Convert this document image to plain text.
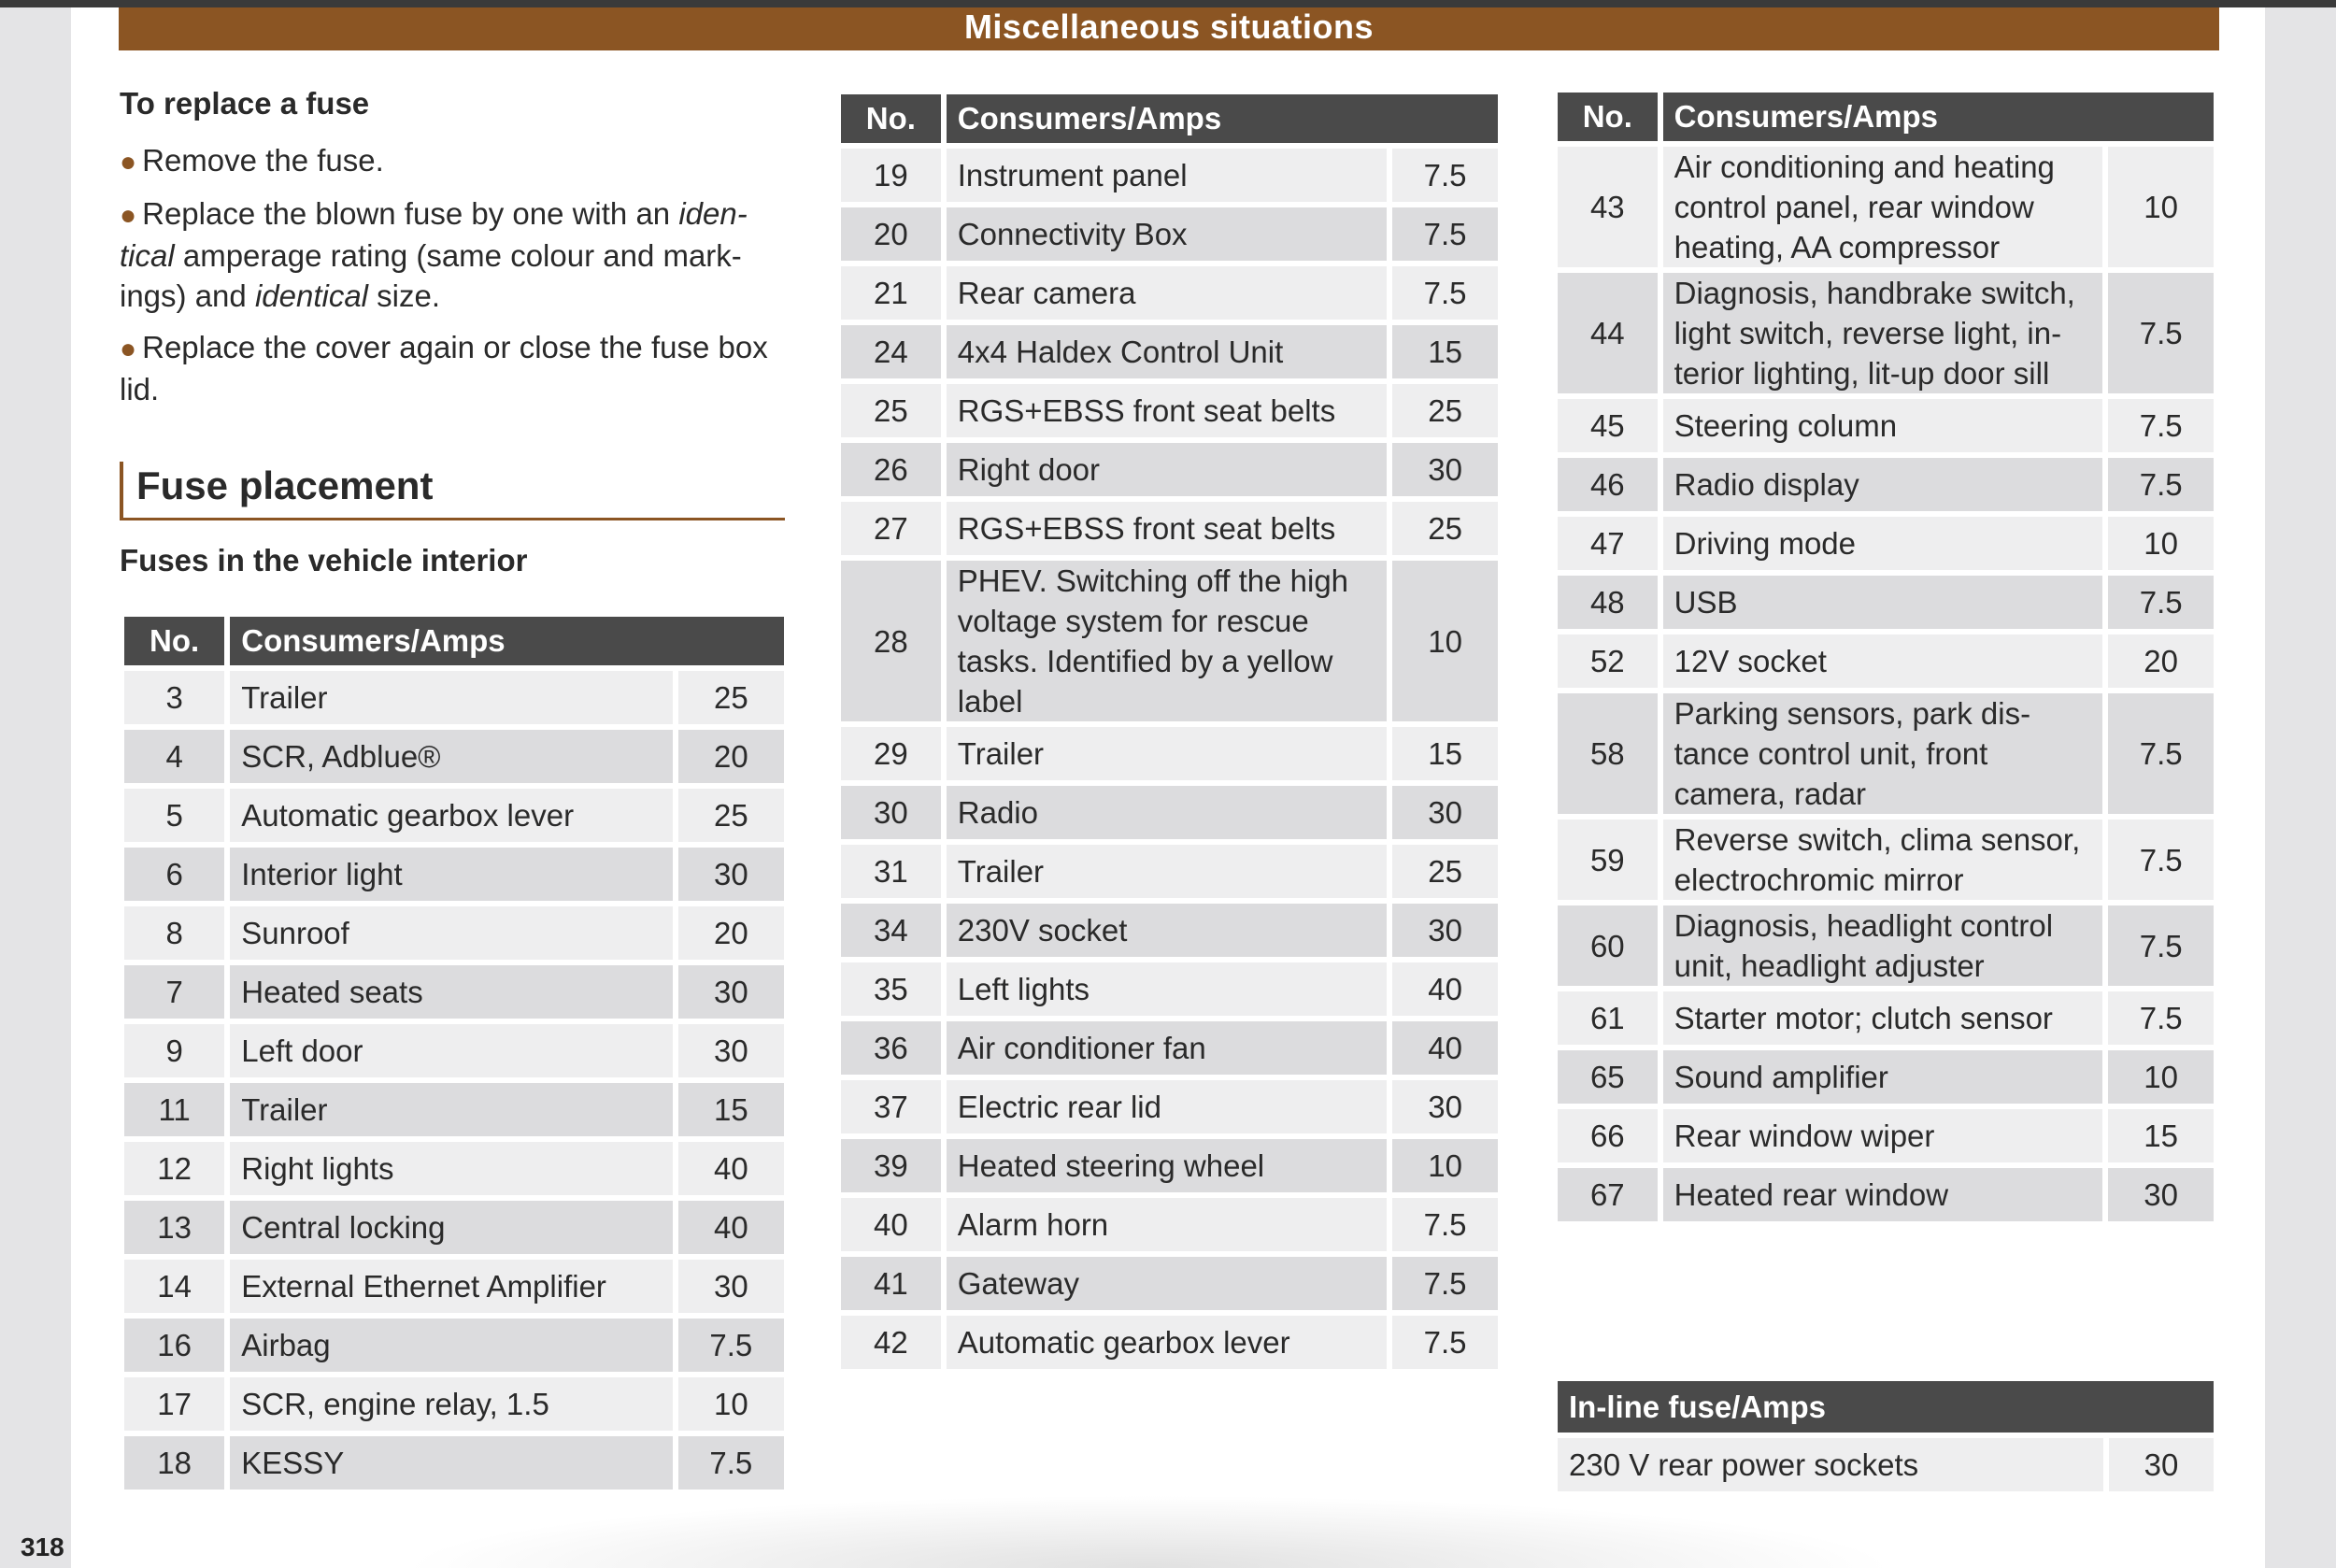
Miscellaneous situations
To replace a fuse

● Remove the fuse.

● Replace the blown fuse by one with an iden-tical amperage rating (same colour and mark-ings) and identical size.

● Replace the cover again or close the fuse box lid.

Fuse placement
Fuses in the vehicle interior
No.	Consumers/Amps	
3	Trailer	25
4	SCR, Adblue®	20
5	Automatic gearbox lever	25
6	Interior light	30
8	Sunroof	20
7	Heated seats	30
9	Left door	30
11	Trailer	15
12	Right lights	40
13	Central locking	40
14	External Ethernet Amplifier	30
16	Airbag	7.5
17	SCR, engine relay, 1.5	10
18	KESSY	7.5
No.	Consumers/Amps	
19	Instrument panel	7.5
20	Connectivity Box	7.5
21	Rear camera	7.5
24	4x4 Haldex Control Unit	15
25	RGS+EBSS front seat belts	25
26	Right door	30
27	RGS+EBSS front seat belts	25
28	PHEV. Switching off the high voltage system for rescue tasks. Identified by a yellow label	10
29	Trailer	15
30	Radio	30
31	Trailer	25
34	230V socket	30
35	Left lights	40
36	Air conditioner fan	40
37	Electric rear lid	30
39	Heated steering wheel	10
40	Alarm horn	7.5
41	Gateway	7.5
42	Automatic gearbox lever	7.5
No.	Consumers/Amps	
43	Air conditioning and heating control panel, rear window heating, AA compressor	10
44	Diagnosis, handbrake switch, light switch, reverse light, in-terior lighting, lit-up door sill	7.5
45	Steering column	7.5
46	Radio display	7.5
47	Driving mode	10
48	USB	7.5
52	12V socket	20
58	Parking sensors, park dis-tance control unit, front camera, radar	7.5
59	Reverse switch, clima sensor, electrochromic mirror	7.5
60	Diagnosis, headlight control unit, headlight adjuster	7.5
61	Starter motor; clutch sensor	7.5
65	Sound amplifier	10
66	Rear window wiper	15
67	Heated rear window	30
In-line fuse/Amps
230 V rear power sockets	30
318
